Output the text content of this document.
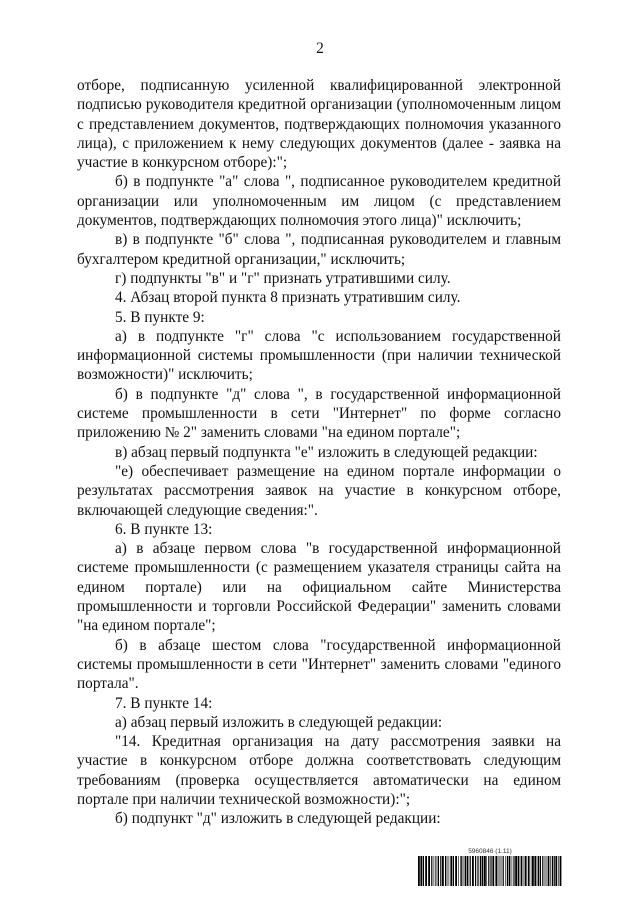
2

отборе, подписанную усиленной квалифицированной электронной подписью руководителя кредитной организации (уполномоченным лицом с представлением документов, подтверждающих полномочия указанного лица), с приложением к нему следующих документов (далее - заявка на участие в конкурсном отборе):";

б) в подпункте "а" слова ", подписанное руководителем кредитной организации или уполномоченным им лицом (с представлением документов, подтверждающих полномочия этого лица)" исключить;

в) в подпункте "б" слова ", подписанная руководителем и главным бухгалтером кредитной организации," исключить;

г) подпункты "в" и "г" признать утратившими силу.

4. Абзац второй пункта 8 признать утратившим силу.

5. В пункте 9:

а) в подпункте "г" слова "с использованием государственной информационной системы промышленности (при наличии технической возможности)" исключить;

б) в подпункте "д" слова ", в государственной информационной системе промышленности в сети "Интернет" по форме согласно приложению № 2" заменить словами "на едином портале";

в) абзац первый подпункта "е" изложить в следующей редакции:

"е) обеспечивает размещение на едином портале информации о результатах рассмотрения заявок на участие в конкурсном отборе, включающей следующие сведения:".

6. В пункте 13:

а) в абзаце первом слова "в государственной информационной системе промышленности (с размещением указателя страницы сайта на едином портале) или на официальном сайте Министерства промышленности и торговли Российской Федерации" заменить словами "на едином портале";

б) в абзаце шестом слова "государственной информационной системы промышленности в сети "Интернет" заменить словами "единого портала".

7. В пункте 14:

а) абзац первый изложить в следующей редакции:

"14. Кредитная организация на дату рассмотрения заявки на участие в конкурсном отборе должна соответствовать следующим требованиям (проверка осуществляется автоматически на едином портале при наличии технической возможности):";

б) подпункт "д" изложить в следующей редакции:

5960846 (1.11)
